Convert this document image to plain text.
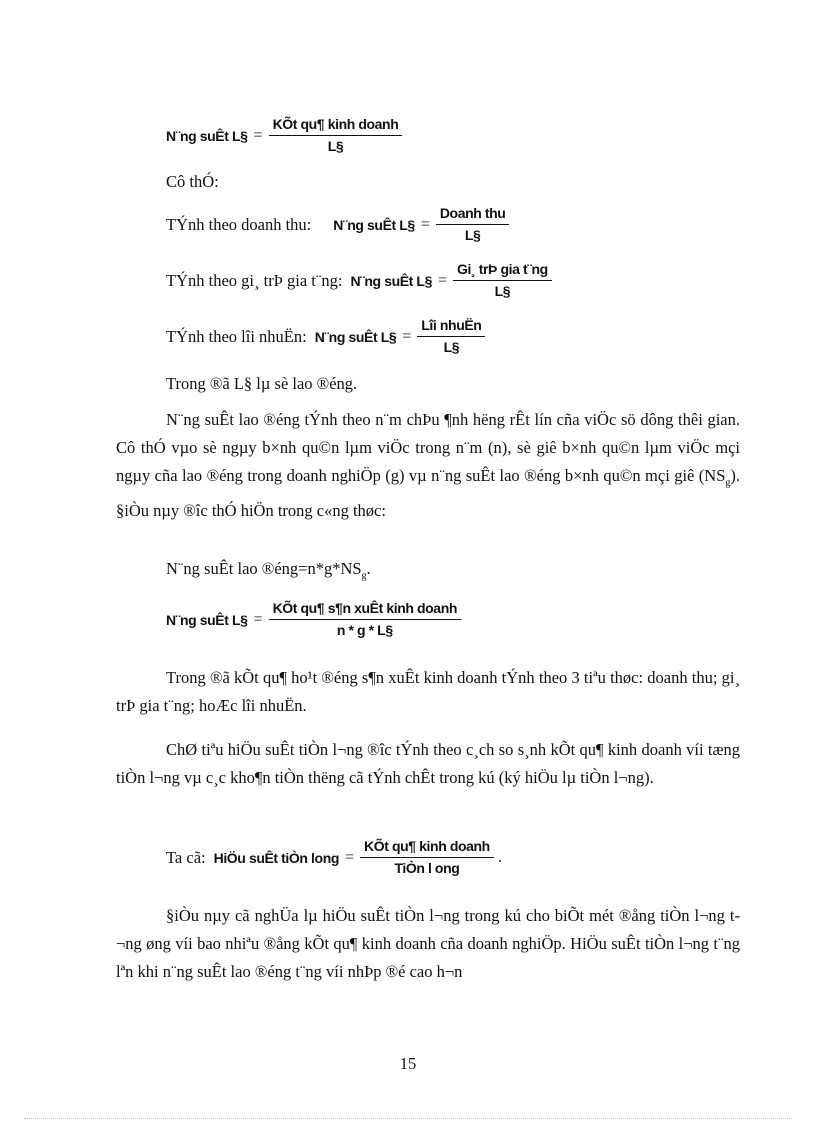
N¨ng suÊt L§ = $\frac{\text{KÕt qu¶ kinh doanh}}{L\S}$
Cô thÓ:
TÝnh theo doanh thu: N¨ng suÊt L§ = $\frac{\text{Doanh thu}}{L\S}$
TÝnh theo gi¸ trÞ gia t¨ng: N¨ng suÊt L§ = $\frac{\text{Gi¸ trÞ gia t¨ng}}{L\S}$
TÝnh theo lîi nhuËn: N¨ng suÊt L§ = $\frac{\text{Lîi nhuËn}}{L\S}$
Trong ®ã L§ lµ sè lao ®éng.
N¨ng suÊt lao ®éng tÝnh theo n¨m chÞu ¶nh hëng rÊt lín cña viÖc sö dông thêi gian. Cô thÓ vµo sè ngµy b×nh qu©n lµm viÖc trong n¨m (n), sè giê b×nh qu©n lµm viÖc mçi ngµy cña lao ®éng trong doanh nghiÖp (g) vµ n¨ng suÊt lao ®éng b×nh qu©n mçi giê $(NS_g)$. §iÒu nµy ®îc thÓ hiÖn trong c«ng thøc:
N¨ng suÊt lao $®éng=n*g*NS_g$.
N¨ng suÊt L§ = $\frac{\text{KÕt qu¶ s¶n xuÊt kinh doanh}}{n * g * L\S}$
Trong ®ã kÕt qu¶ ho¹t ®éng s¶n xuÊt kinh doanh tÝnh theo 3 tiªu thøc: doanh thu; gi¸ trÞ gia t¨ng; hoÆc lîi nhuËn.
ChØ tiªu hiÖu suÊt tiÒn l¬ng ®îc tÝnh theo c¸ch so s¸nh kÕt qu¶ kinh doanh víi tæng tiÒn l¬ng vµ c¸c kho¶n tiÒn thëng cã tÝnh chÊt trong kú (ký hiÖu lµ tiÒn l¬ng).
Ta cã: HiÖu suÊt tiÒn long = $\frac{\text{KÕt qu¶ kinh doanh}}{\text{TiÒn l ong}}$ .
§iÒu nµy cã nghÜa lµ hiÖu suÊt tiÒn l¬ng trong kú cho biÕt mét ®ång tiÒn l¬ng t¬ng øng víi bao nhiªu ®ång kÕt qu¶ kinh doanh cña doanh nghiÖp. HiÖu suÊt tiÒn l¬ng t¨ng lªn khi n¨ng suÊt lao ®éng t¨ng víi nhÞp ®é cao h¬n
15
